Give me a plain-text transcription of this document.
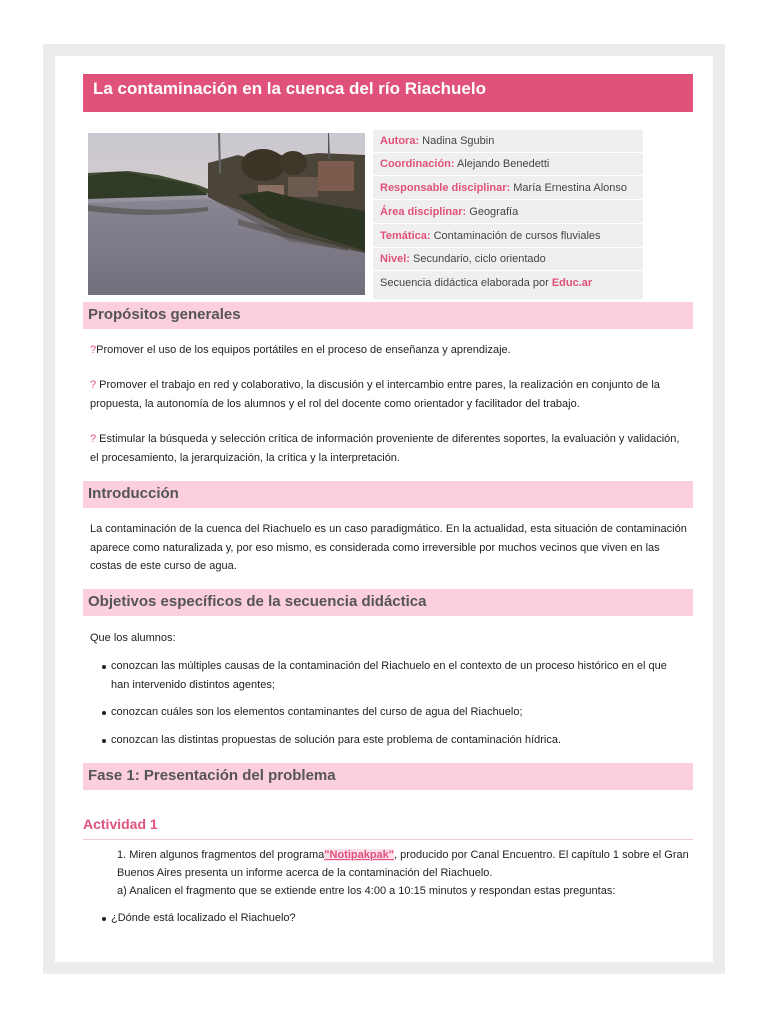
La contaminación en la cuenca del río Riachuelo
Autora: Nadina Sgubin
Coordinación: Alejando Benedetti
Responsable disciplinar: María Ernestina Alonso
Área disciplinar: Geografía
Temática: Contaminación de cursos fluviales
Nivel: Secundario, ciclo orientado
Secuencia didáctica elaborada por Educ.ar
Propósitos generales
?Promover el uso de los equipos portátiles en el proceso de enseñanza y aprendizaje.
? Promover el trabajo en red y colaborativo, la discusión y el intercambio entre pares, la realización en conjunto de la propuesta, la autonomía de los alumnos y el rol del docente como orientador y facilitador del trabajo.
? Estimular la búsqueda y selección crítica de información proveniente de diferentes soportes, la evaluación y validación, el procesamiento, la jerarquización, la crítica y la interpretación.
Introducción
La contaminación de la cuenca del Riachuelo es un caso paradigmático. En la actualidad, esta situación de contaminación aparece como naturalizada y, por eso mismo, es considerada como irreversible por muchos vecinos que viven en las costas de este curso de agua.
Objetivos específicos de la secuencia didáctica
Que los alumnos:
conozcan las múltiples causas de la contaminación del Riachuelo en el contexto de un proceso histórico en el que han intervenido distintos agentes;
conozcan cuáles son los elementos contaminantes del curso de agua del Riachuelo;
conozcan las distintas propuestas de solución para este problema de contaminación hídrica.
Fase 1: Presentación del problema
Actividad 1
1. Miren algunos fragmentos del programa"Notipakpak", producido por Canal Encuentro. El capítulo 1 sobre el Gran Buenos Aires presenta un informe acerca de la contaminación del Riachuelo.
a) Analicen el fragmento que se extiende entre los 4:00 a 10:15 minutos y respondan estas preguntas:
¿Dónde está localizado el Riachuelo?
